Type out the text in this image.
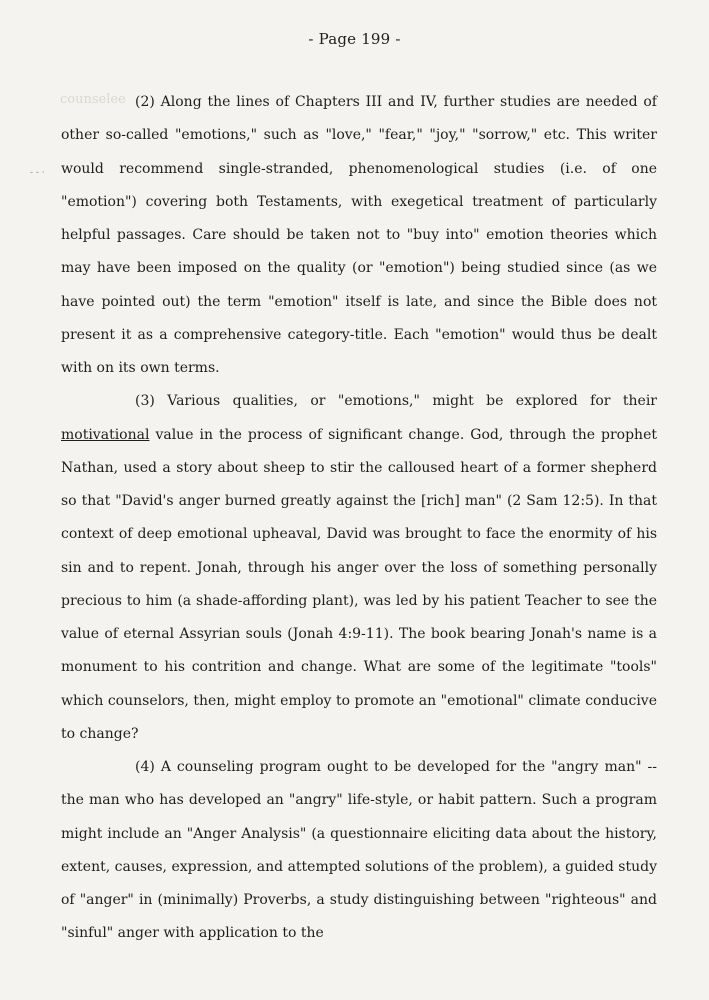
counselee
- - ·
- Page 199 -

(2) Along the lines of Chapters III and IV, further studies are needed of other so-called "emotions," such as "love," "fear," "joy," "sorrow," etc. This writer would recommend single-stranded, phenomenological studies (i.e. of one "emotion") covering both Testaments, with exegetical treatment of particularly helpful passages. Care should be taken not to "buy into" emotion theories which may have been imposed on the quality (or "emotion") being studied since (as we have pointed out) the term "emotion" itself is late, and since the Bible does not present it as a comprehensive category-title. Each "emotion" would thus be dealt with on its own terms.

(3) Various qualities, or "emotions," might be explored for their motivational value in the process of significant change. God, through the prophet Nathan, used a story about sheep to stir the calloused heart of a former shepherd so that "David's anger burned greatly against the [rich] man" (2 Sam 12:5). In that context of deep emotional upheaval, David was brought to face the enormity of his sin and to repent. Jonah, through his anger over the loss of something personally precious to him (a shade-affording plant), was led by his patient Teacher to see the value of eternal Assyrian souls (Jonah 4:9-11). The book bearing Jonah's name is a monument to his contrition and change. What are some of the legitimate "tools" which counselors, then, might employ to promote an "emotional" climate conducive to change?

(4) A counseling program ought to be developed for the "angry man" -- the man who has developed an "angry" life-style, or habit pattern. Such a program might include an "Anger Analysis" (a questionnaire eliciting data about the history, extent, causes, expression, and attempted solutions of the problem), a guided study of "anger" in (minimally) Proverbs, a study distinguishing between "righteous" and "sinful" anger with application to the
